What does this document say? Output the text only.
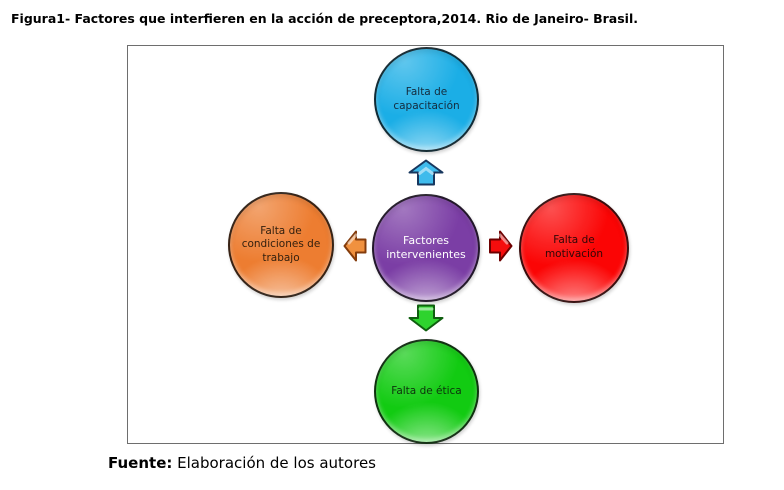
Figura1- Factores que interfieren en la acción de preceptora,2014. Rio de Janeiro- Brasil.
Falta de capacitación
Falta de condiciones de trabajo
Factores intervenientes
Falta de motivación
Falta de ética

Fuente: Elaboración de los autores
